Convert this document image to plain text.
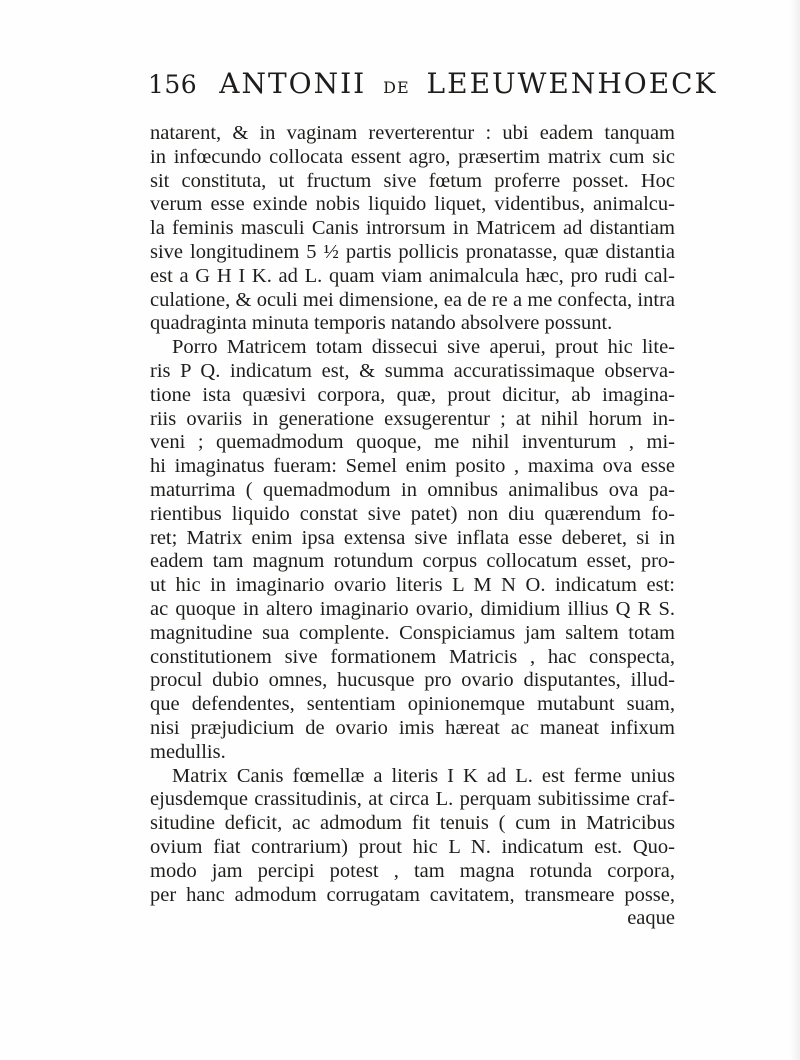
156 ANTONII DE LEEUWENHOECK
natarent, & in vaginam reverterentur : ubi eadem tanquam
in infœcundo collocata essent agro, præsertim matrix cum sic
sit constituta, ut fructum sive fœtum proferre posset. Hoc
verum esse exinde nobis liquido liquet, videntibus, animalcu-
la feminis masculi Canis introrsum in Matricem ad distantiam
sive longitudinem 5 ½ partis pollicis pronatasse, quæ distantia
est a G H I K. ad L. quam viam animalcula hæc, pro rudi cal-
culatione, & oculi mei dimensione, ea de re a me confecta, intra
quadraginta minuta temporis natando absolvere possunt.
Porro Matricem totam dissecui sive aperui, prout hic lite-
ris P Q. indicatum est, & summa accuratissimaque observa-
tione ista quæsivi corpora, quæ, prout dicitur, ab imagina-
riis ovariis in generatione exsugerentur ; at nihil horum in-
veni ; quemadmodum quoque, me nihil inventurum , mi-
hi imaginatus fueram: Semel enim posito , maxima ova esse
maturrima ( quemadmodum in omnibus animalibus ova pa-
rientibus liquido constat sive patet) non diu quærendum fo-
ret; Matrix enim ipsa extensa sive inflata esse deberet, si in
eadem tam magnum rotundum corpus collocatum esset, pro-
ut hic in imaginario ovario literis L M N O. indicatum est:
ac quoque in altero imaginario ovario, dimidium illius Q R S.
magnitudine sua complente. Conspiciamus jam saltem totam
constitutionem sive formationem Matricis , hac conspecta,
procul dubio omnes, hucusque pro ovario disputantes, illud-
que defendentes, sententiam opinionemque mutabunt suam,
nisi præjudicium de ovario imis hæreat ac maneat infixum
medullis.
Matrix Canis fœmellæ a literis I K ad L. est ferme unius
ejusdemque crassitudinis, at circa L. perquam subitissime craf-
situdine deficit, ac admodum fit tenuis ( cum in Matricibus
ovium fiat contrarium) prout hic L N. indicatum est. Quo-
modo jam percipi potest , tam magna rotunda corpora,
per hanc admodum corrugatam cavitatem, transmeare posse,
eaque
